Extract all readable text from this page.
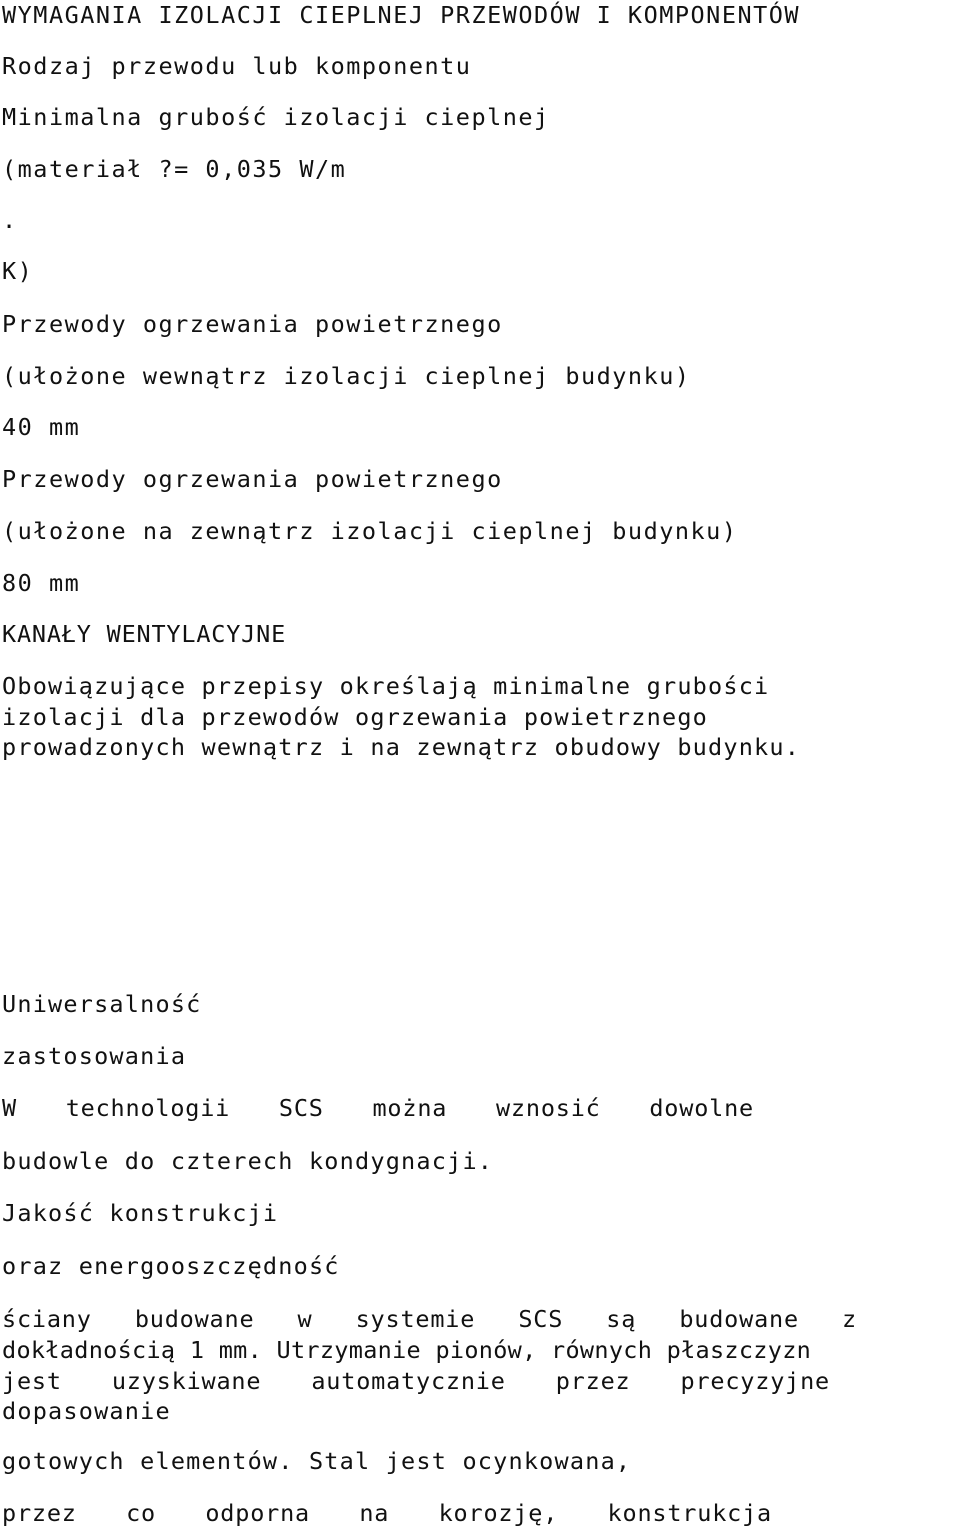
WYMAGANIA IZOLACJI CIEPLNEJ PRZEWODÓW I KOMPONENTÓW
Rodzaj przewodu lub komponentu
Minimalna grubość izolacji cieplnej
(materiał ?= 0,035 W/m
.
K)
Przewody ogrzewania powietrznego
(ułożone wewnątrz izolacji cieplnej budynku)
40 mm
Przewody ogrzewania powietrznego
(ułożone na zewnątrz izolacji cieplnej budynku)
80 mm
KANAŁY WENTYLACYJNE
Obowiązujące przepisy określają minimalne grubości
izolacji dla przewodów ogrzewania powietrznego
prowadzonych wewnątrz i na zewnątrz obudowy budynku.
Uniwersalność
zastosowania
W technologii SCS można wznosić dowolne
budowle do czterech kondygnacji.
Jakość konstrukcji
oraz energooszczędność
ściany budowane w systemie SCS są budowane z
dokładnością 1 mm. Utrzymanie pionów, równych płaszczyzn
jest uzyskiwane automatycznie przez precyzyjne
dopasowanie
gotowych elementów. Stal jest ocynkowana,
przez co odporna na korozję, konstrukcja
